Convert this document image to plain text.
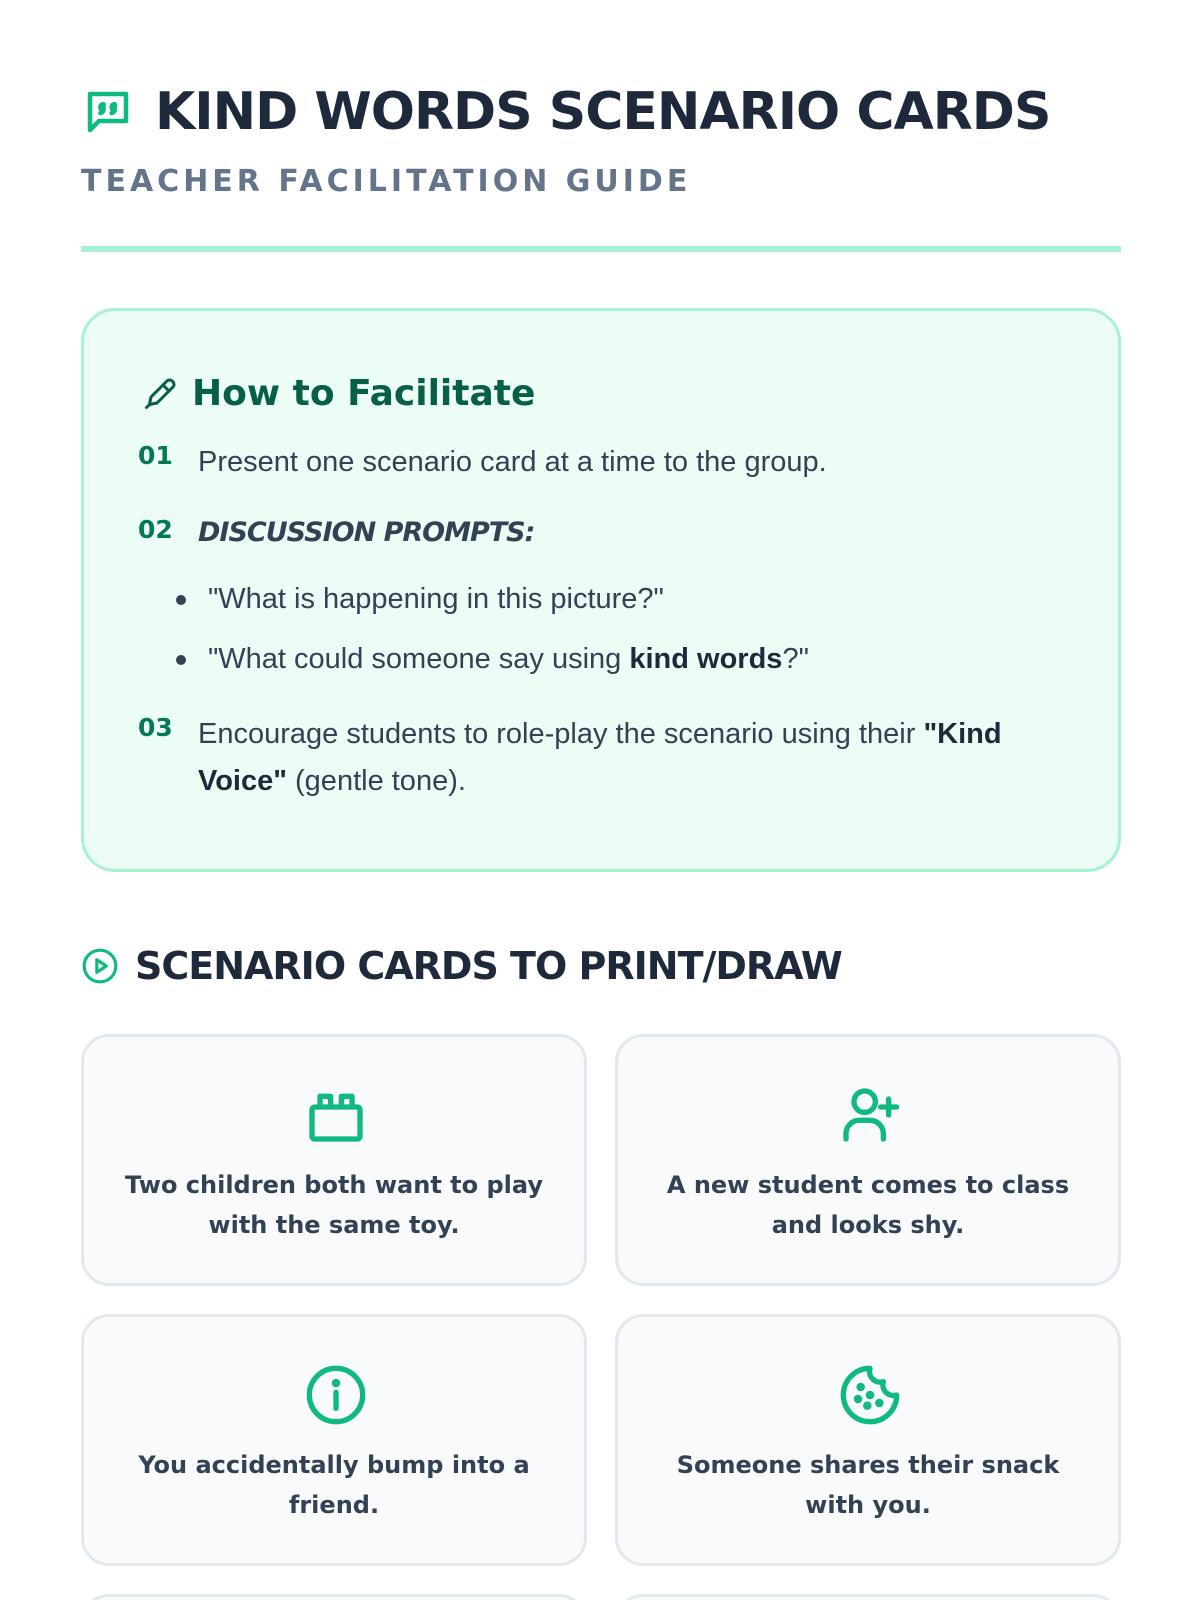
KIND WORDS SCENARIO CARDS
TEACHER FACILITATION GUIDE
How to Facilitate
01 Present one scenario card at a time to the group.
02 DISCUSSION PROMPTS:
"What is happening in this picture?"
"What could someone say using kind words?"
03 Encourage students to role-play the scenario using their "Kind Voice" (gentle tone).
SCENARIO CARDS TO PRINT/DRAW
Two children both want to play with the same toy.
A new student comes to class and looks shy.
You accidentally bump into a friend.
Someone shares their snack with you.
